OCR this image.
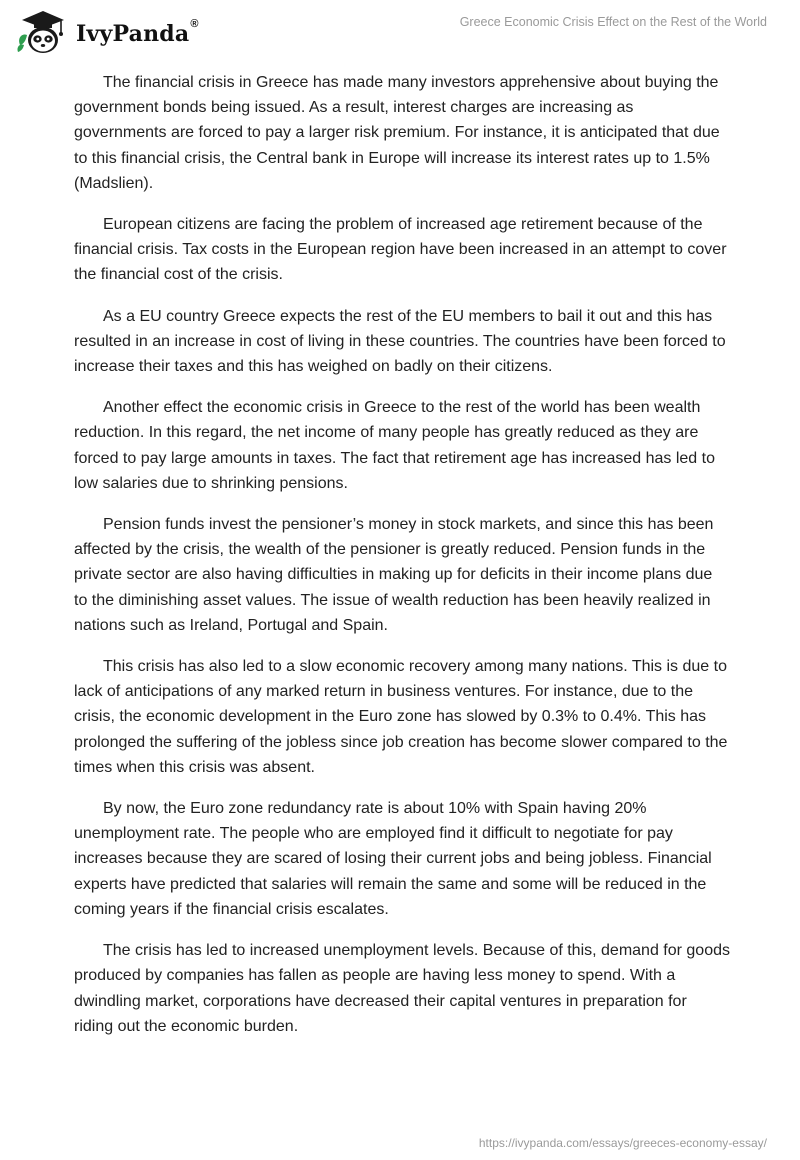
IvyPanda®	Greece Economic Crisis Effect on the Rest of the World

The financial crisis in Greece has made many investors apprehensive about buying the government bonds being issued. As a result, interest charges are increasing as governments are forced to pay a larger risk premium. For instance, it is anticipated that due to this financial crisis, the Central bank in Europe will increase its interest rates up to 1.5% (Madslien).

European citizens are facing the problem of increased age retirement because of the financial crisis. Tax costs in the European region have been increased in an attempt to cover the financial cost of the crisis.

As a EU country Greece expects the rest of the EU members to bail it out and this has resulted in an increase in cost of living in these countries. The countries have been forced to increase their taxes and this has weighed on badly on their citizens.

Another effect the economic crisis in Greece to the rest of the world has been wealth reduction. In this regard, the net income of many people has greatly reduced as they are forced to pay large amounts in taxes. The fact that retirement age has increased has led to low salaries due to shrinking pensions.

Pension funds invest the pensioner’s money in stock markets, and since this has been affected by the crisis, the wealth of the pensioner is greatly reduced. Pension funds in the private sector are also having difficulties in making up for deficits in their income plans due to the diminishing asset values. The issue of wealth reduction has been heavily realized in nations such as Ireland, Portugal and Spain.

This crisis has also led to a slow economic recovery among many nations. This is due to lack of anticipations of any marked return in business ventures. For instance, due to the crisis, the economic development in the Euro zone has slowed by 0.3% to 0.4%. This has prolonged the suffering of the jobless since job creation has become slower compared to the times when this crisis was absent.

By now, the Euro zone redundancy rate is about 10% with Spain having 20% unemployment rate. The people who are employed find it difficult to negotiate for pay increases because they are scared of losing their current jobs and being jobless. Financial experts have predicted that salaries will remain the same and some will be reduced in the coming years if the financial crisis escalates.

The crisis has led to increased unemployment levels. Because of this, demand for goods produced by companies has fallen as people are having less money to spend. With a dwindling market, corporations have decreased their capital ventures in preparation for riding out the economic burden.

https://ivypanda.com/essays/greeces-economy-essay/
